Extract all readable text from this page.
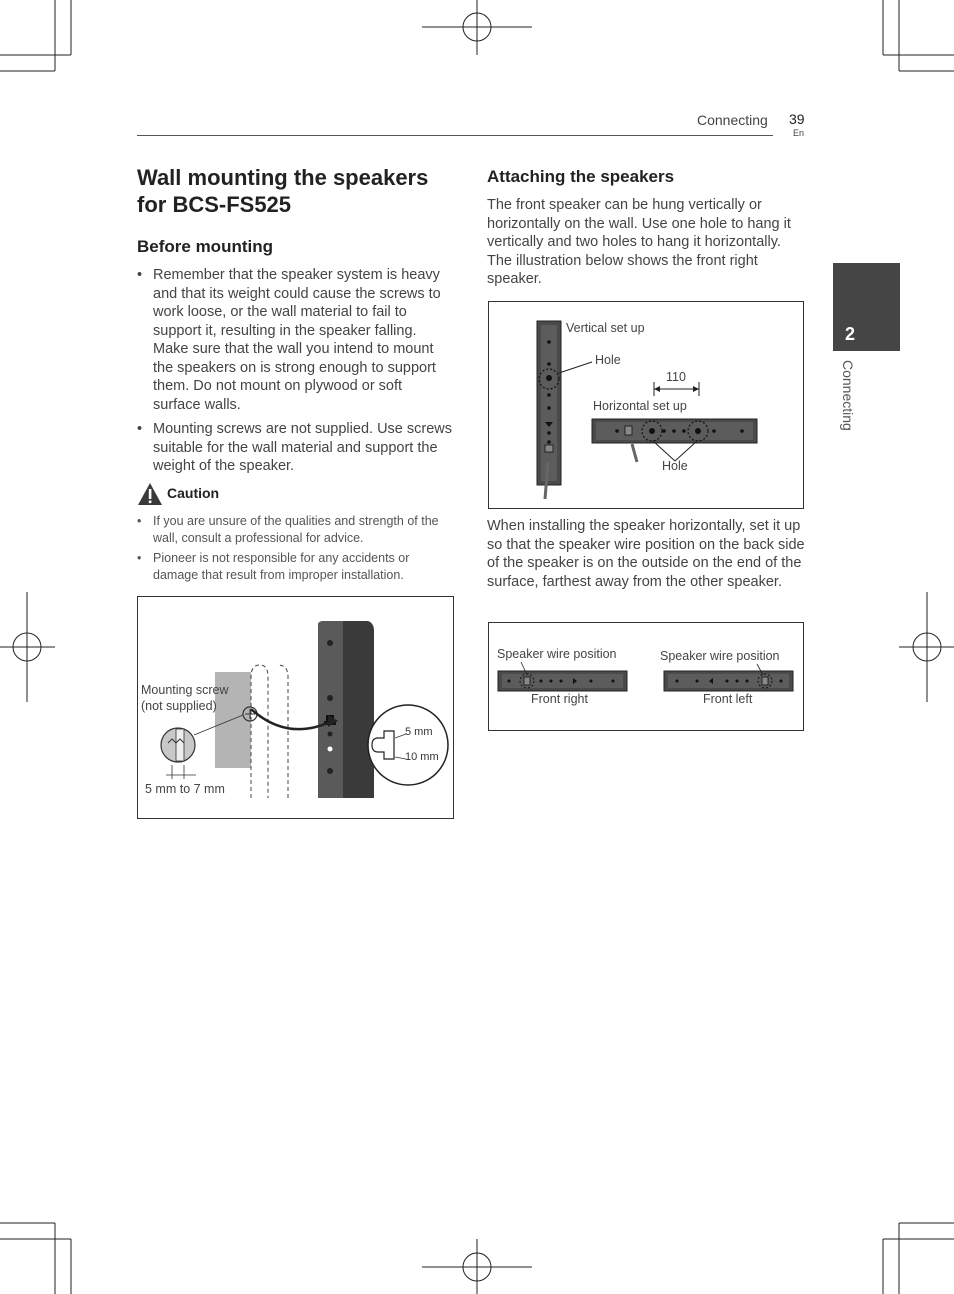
Connecting 39
En
2
Connecting
Wall mounting the speakers for BCS-FS525
Before mounting
• Remember that the speaker system is heavy and that its weight could cause the screws to work loose, or the wall material to fail to support it, resulting in the speaker falling. Make sure that the wall you intend to mount the speakers on is strong enough to support them. Do not mount on plywood or soft surface walls.
• Mounting screws are not supplied. Use screws suitable for the wall material and support the weight of the speaker.
Caution
• If you are unsure of the qualities and strength of the wall, consult a professional for advice.
• Pioneer is not responsible for any accidents or damage that result from improper installation.
Mounting screw
(not supplied)
5 mm to 7 mm
5 mm
10 mm
Attaching the speakers
The front speaker can be hung vertically or horizontally on the wall. Use one hole to hang it vertically and two holes to hang it horizontally. The illustration below shows the front right speaker.
Vertical set up
Hole
110
Horizontal set up
Hole
When installing the speaker horizontally, set it up so that the speaker wire position on the back side of the speaker is on the outside on the end of the surface, farthest away from the other speaker.
Speaker wire position
Front right
Speaker wire position
Front left
